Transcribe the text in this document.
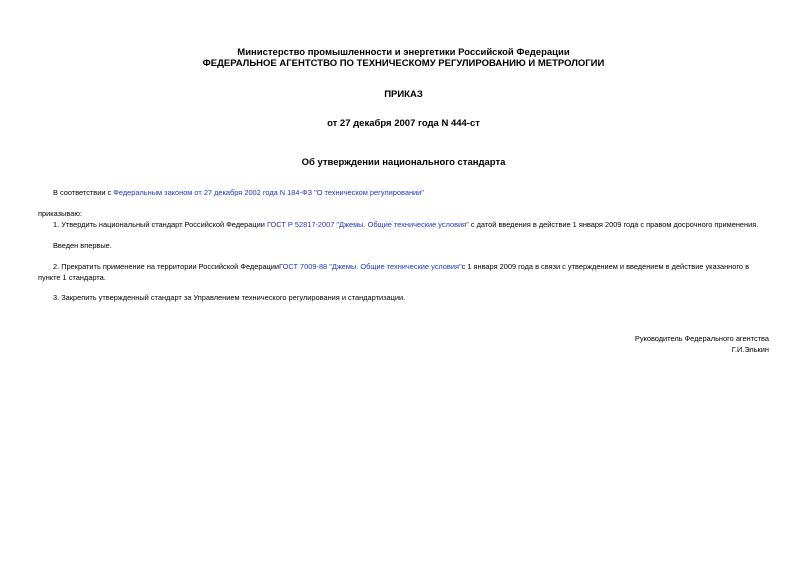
Министерство промышленности и энергетики Российской Федерации
ФЕДЕРАЛЬНОЕ АГЕНТСТВО ПО ТЕХНИЧЕСКОМУ РЕГУЛИРОВАНИЮ И МЕТРОЛОГИИ
ПРИКАЗ
от 27 декабря 2007 года N 444-ст
Об утверждении национального стандарта
В соответствии с Федеральным законом от 27 декабря 2002 года N 184-ФЗ "О техническом регулировании"
приказываю:
1. Утвердить национальный стандарт Российской Федерации ГОСТ Р 52817-2007 "Джемы. Общие технические условия" с датой введения в действие 1 января 2009 года с правом досрочного применения.
Введен впервые.
2. Прекратить применение на территории Российской ФедерацииГОСТ 7009-88 "Джемы. Общие технические условия"с 1 января 2009 года в связи с утверждением и введением в действие указанного в пункте 1 стандарта.
3. Закрепить утвержденный стандарт за Управлением технического регулирования и стандартизации.
Руководитель Федерального агентства
Г.И.Элькин
